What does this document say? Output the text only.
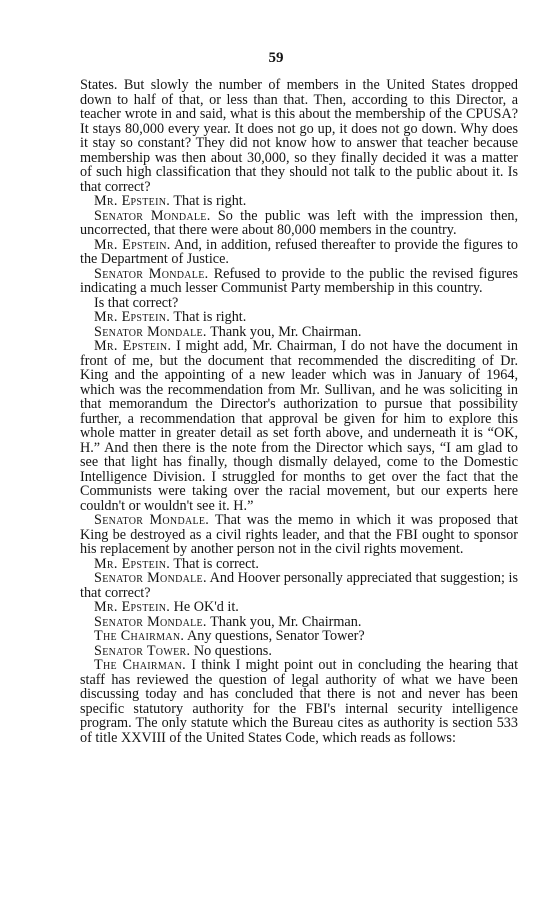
59

States. But slowly the number of members in the United States dropped down to half of that, or less than that. Then, according to this Director, a teacher wrote in and said, what is this about the membership of the CPUSA? It stays 80,000 every year. It does not go up, it does not go down. Why does it stay so constant? They did not know how to answer that teacher because membership was then about 30,000, so they finally decided it was a matter of such high classification that they should not talk to the public about it. Is that correct?

Mr. Epstein. That is right.

Senator Mondale. So the public was left with the impression then, uncorrected, that there were about 80,000 members in the country.

Mr. Epstein. And, in addition, refused thereafter to provide the figures to the Department of Justice.

Senator Mondale. Refused to provide to the public the revised figures indicating a much lesser Communist Party membership in this country.

Is that correct?

Mr. Epstein. That is right.

Senator Mondale. Thank you, Mr. Chairman.

Mr. Epstein. I might add, Mr. Chairman, I do not have the document in front of me, but the document that recommended the discrediting of Dr. King and the appointing of a new leader which was in January of 1964, which was the recommendation from Mr. Sullivan, and he was soliciting in that memorandum the Director's authorization to pursue that possibility further, a recommendation that approval be given for him to explore this whole matter in greater detail as set forth above, and underneath it is “OK, H.” And then there is the note from the Director which says, “I am glad to see that light has finally, though dismally delayed, come to the Domestic Intelligence Division. I struggled for months to get over the fact that the Communists were taking over the racial movement, but our experts here couldn't or wouldn't see it. H.”

Senator Mondale. That was the memo in which it was proposed that King be destroyed as a civil rights leader, and that the FBI ought to sponsor his replacement by another person not in the civil rights movement.

Mr. Epstein. That is correct.

Senator Mondale. And Hoover personally appreciated that suggestion; is that correct?

Mr. Epstein. He OK'd it.

Senator Mondale. Thank you, Mr. Chairman.

The Chairman. Any questions, Senator Tower?

Senator Tower. No questions.

The Chairman. I think I might point out in concluding the hearing that staff has reviewed the question of legal authority of what we have been discussing today and has concluded that there is not and never has been specific statutory authority for the FBI's internal security intelligence program. The only statute which the Bureau cites as authority is section 533 of title XXVIII of the United States Code, which reads as follows:
